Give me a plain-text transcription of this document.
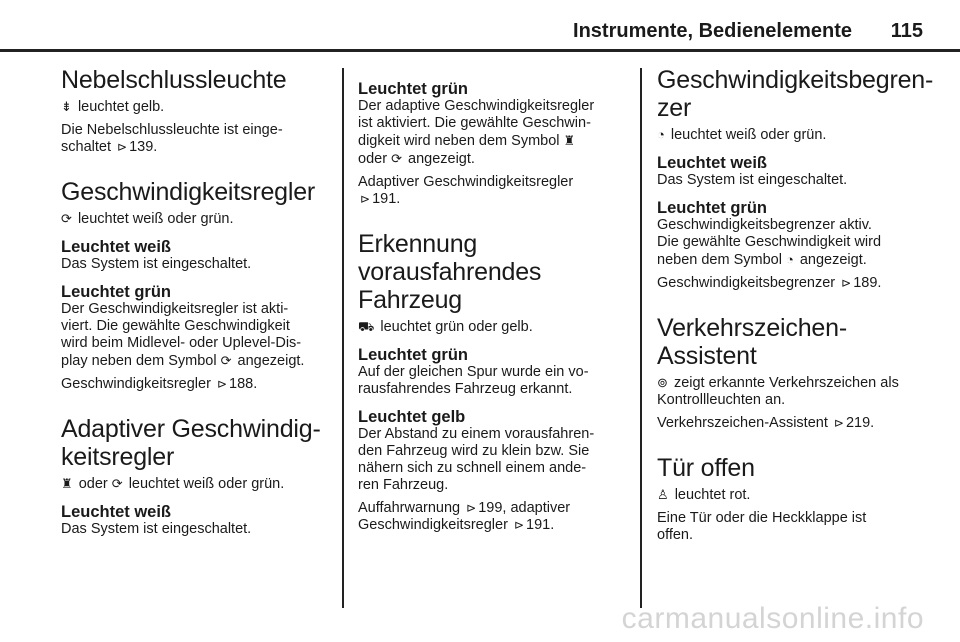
Instrumente, Bedienelemente 115
Nebelschlussleuchte
⇟ leuchtet gelb.
Die Nebelschlussleuchte ist einge-
schaltet ⊳ 139.
Geschwindigkeitsregler
⟳ leuchtet weiß oder grün.
Leuchtet weiß
Das System ist eingeschaltet.
Leuchtet grün
Der Geschwindigkeitsregler ist akti-
viert. Die gewählte Geschwindigkeit
wird beim Midlevel- oder Uplevel-Dis-
play neben dem Symbol ⟳ angezeigt.
Geschwindigkeitsregler ⊳ 188.
Adaptiver Geschwindig-
keitsregler
♜ oder ⟳ leuchtet weiß oder grün.
Leuchtet weiß
Das System ist eingeschaltet.
Leuchtet grün
Der adaptive Geschwindigkeitsregler
ist aktiviert. Die gewählte Geschwin-
digkeit wird neben dem Symbol ♜
oder ⟳ angezeigt.
Adaptiver Geschwindigkeitsregler
⊳ 191.
Erkennung
vorausfahrendes
Fahrzeug
⛟ leuchtet grün oder gelb.
Leuchtet grün
Auf der gleichen Spur wurde ein vo-
rausfahrendes Fahrzeug erkannt.
Leuchtet gelb
Der Abstand zu einem vorausfahren-
den Fahrzeug wird zu klein bzw. Sie
nähern sich zu schnell einem ande-
ren Fahrzeug.
Auffahrwarnung ⊳ 199, adaptiver
Geschwindigkeitsregler ⊳ 191.
Geschwindigkeitsbegren-
zer
◔ leuchtet weiß oder grün.
Leuchtet weiß
Das System ist eingeschaltet.
Leuchtet grün
Geschwindigkeitsbegrenzer aktiv.
Die gewählte Geschwindigkeit wird
neben dem Symbol ◔ angezeigt.
Geschwindigkeitsbegrenzer ⊳ 189.
Verkehrszeichen-
Assistent
⊚ zeigt erkannte Verkehrszeichen als
Kontrollleuchten an.
Verkehrszeichen-Assistent ⊳ 219.
Tür offen
♙ leuchtet rot.
Eine Tür oder die Heckklappe ist
offen.
carmanualsonline.info
